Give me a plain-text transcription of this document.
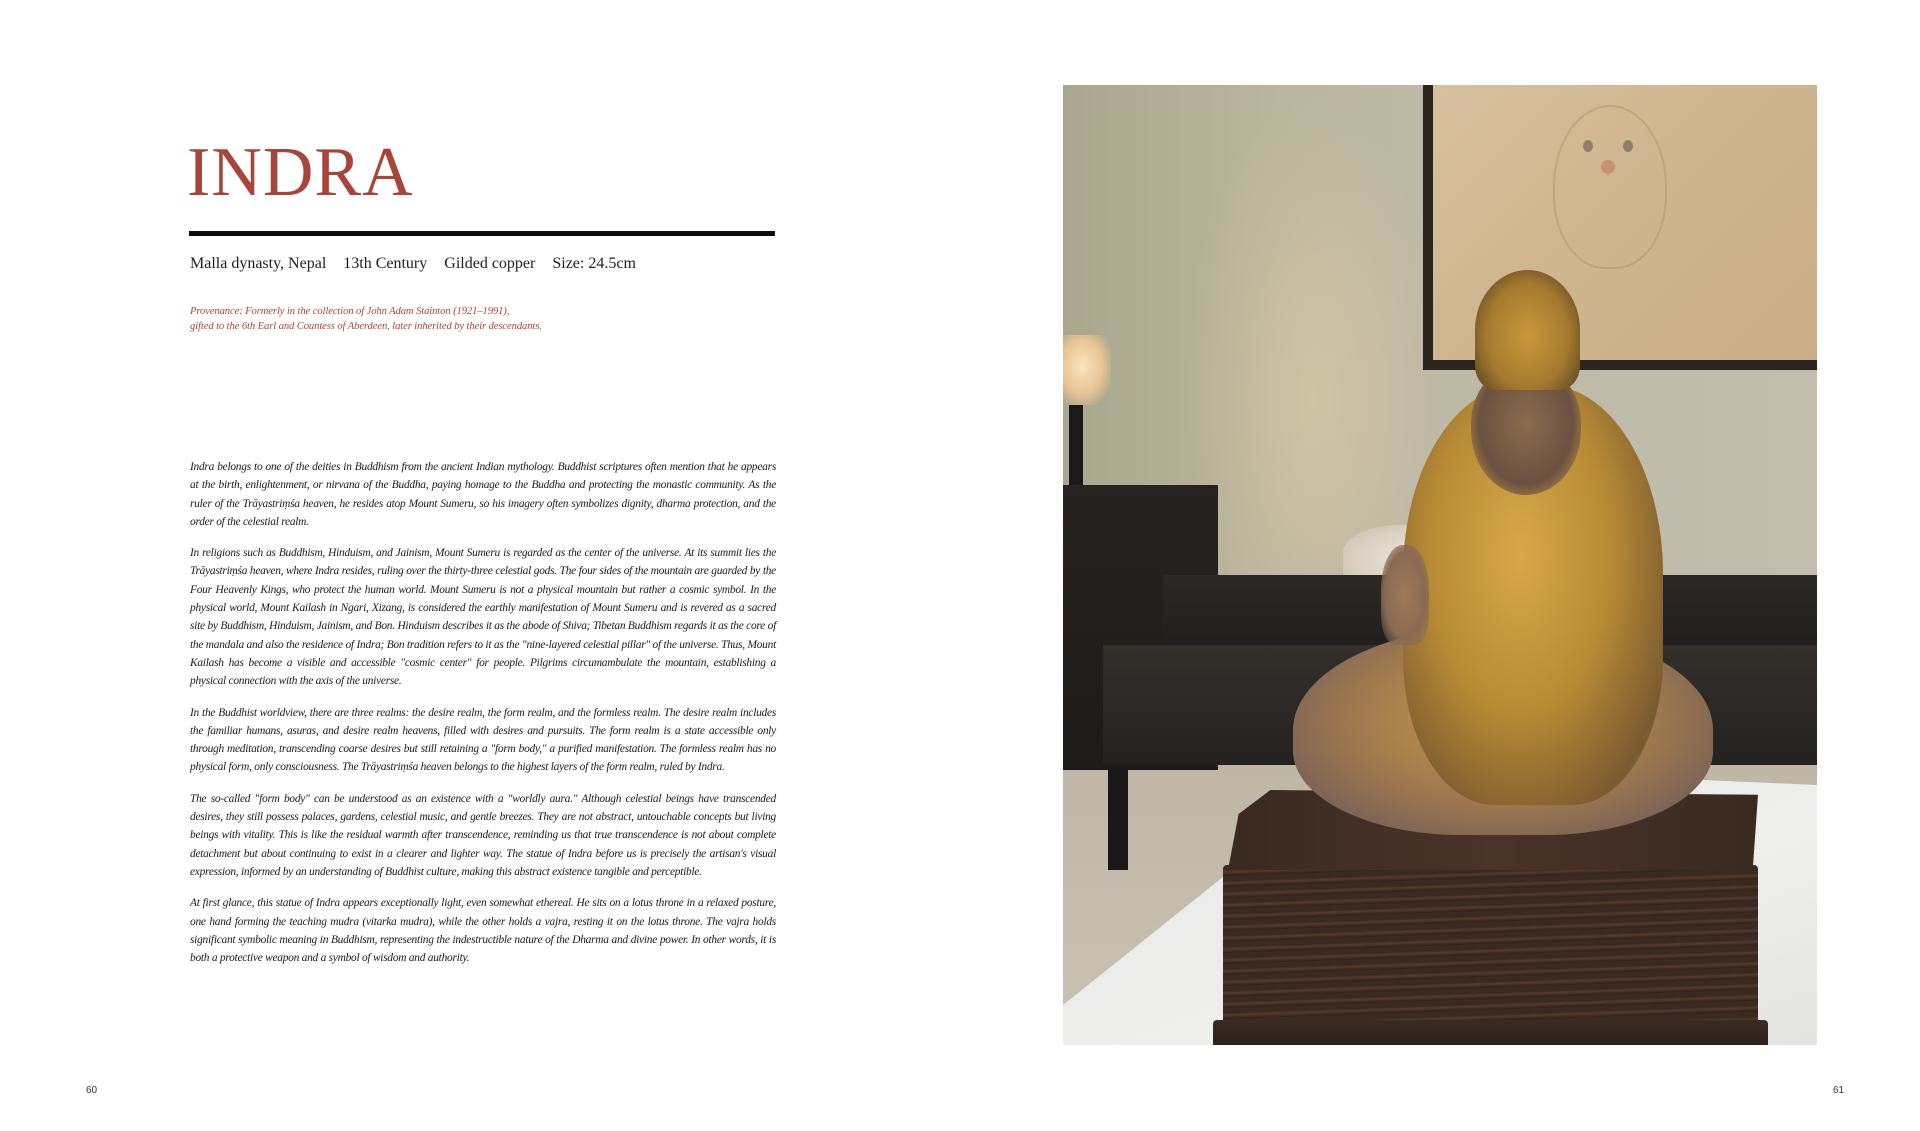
INDRA
Malla dynasty, Nepal 13th Century Gilded copper Size: 24.5cm
Provenance: Formerly in the collection of John Adam Stainton (1921–1991),
gifted to the 6th Earl and Countess of Aberdeen, later inherited by their descendants.

Indra belongs to one of the deities in Buddhism from the ancient Indian mythology. Buddhist scriptures often mention that he appears at the birth, enlightenment, or nirvana of the Buddha, paying homage to the Buddha and protecting the monastic community. As the ruler of the Trāyastriṃśa heaven, he resides atop Mount Sumeru, so his imagery often symbolizes dignity, dharma protection, and the order of the celestial realm.

In religions such as Buddhism, Hinduism, and Jainism, Mount Sumeru is regarded as the center of the universe. At its summit lies the Trāyastriṃśa heaven, where Indra resides, ruling over the thirty-three celestial gods. The four sides of the mountain are guarded by the Four Heavenly Kings, who protect the human world. Mount Sumeru is not a physical mountain but rather a cosmic symbol. In the physical world, Mount Kailash in Ngari, Xizang, is considered the earthly manifestation of Mount Sumeru and is revered as a sacred site by Buddhism, Hinduism, Jainism, and Bon. Hinduism describes it as the abode of Shiva; Tibetan Buddhism regards it as the core of the mandala and also the residence of Indra; Bon tradition refers to it as the "nine-layered celestial pillar" of the universe. Thus, Mount Kailash has become a visible and accessible "cosmic center" for people. Pilgrims circumambulate the mountain, establishing a physical connection with the axis of the universe.

In the Buddhist worldview, there are three realms: the desire realm, the form realm, and the formless realm. The desire realm includes the familiar humans, asuras, and desire realm heavens, filled with desires and pursuits. The form realm is a state accessible only through meditation, transcending coarse desires but still retaining a "form body," a purified manifestation. The formless realm has no physical form, only consciousness. The Trāyastriṃśa heaven belongs to the highest layers of the form realm, ruled by Indra.

The so-called "form body" can be understood as an existence with a "worldly aura." Although celestial beings have transcended desires, they still possess palaces, gardens, celestial music, and gentle breezes. They are not abstract, untouchable concepts but living beings with vitality. This is like the residual warmth after transcendence, reminding us that true transcendence is not about complete detachment but about continuing to exist in a clearer and lighter way. The statue of Indra before us is precisely the artisan's visual expression, informed by an understanding of Buddhist culture, making this abstract existence tangible and perceptible.

At first glance, this statue of Indra appears exceptionally light, even somewhat ethereal. He sits on a lotus throne in a relaxed posture, one hand forming the teaching mudra (vitarka mudra), while the other holds a vajra, resting it on the lotus throne. The vajra holds significant symbolic meaning in Buddhism, representing the indestructible nature of the Dharma and divine power. In other words, it is both a protective weapon and a symbol of wisdom and authority.

60	61
